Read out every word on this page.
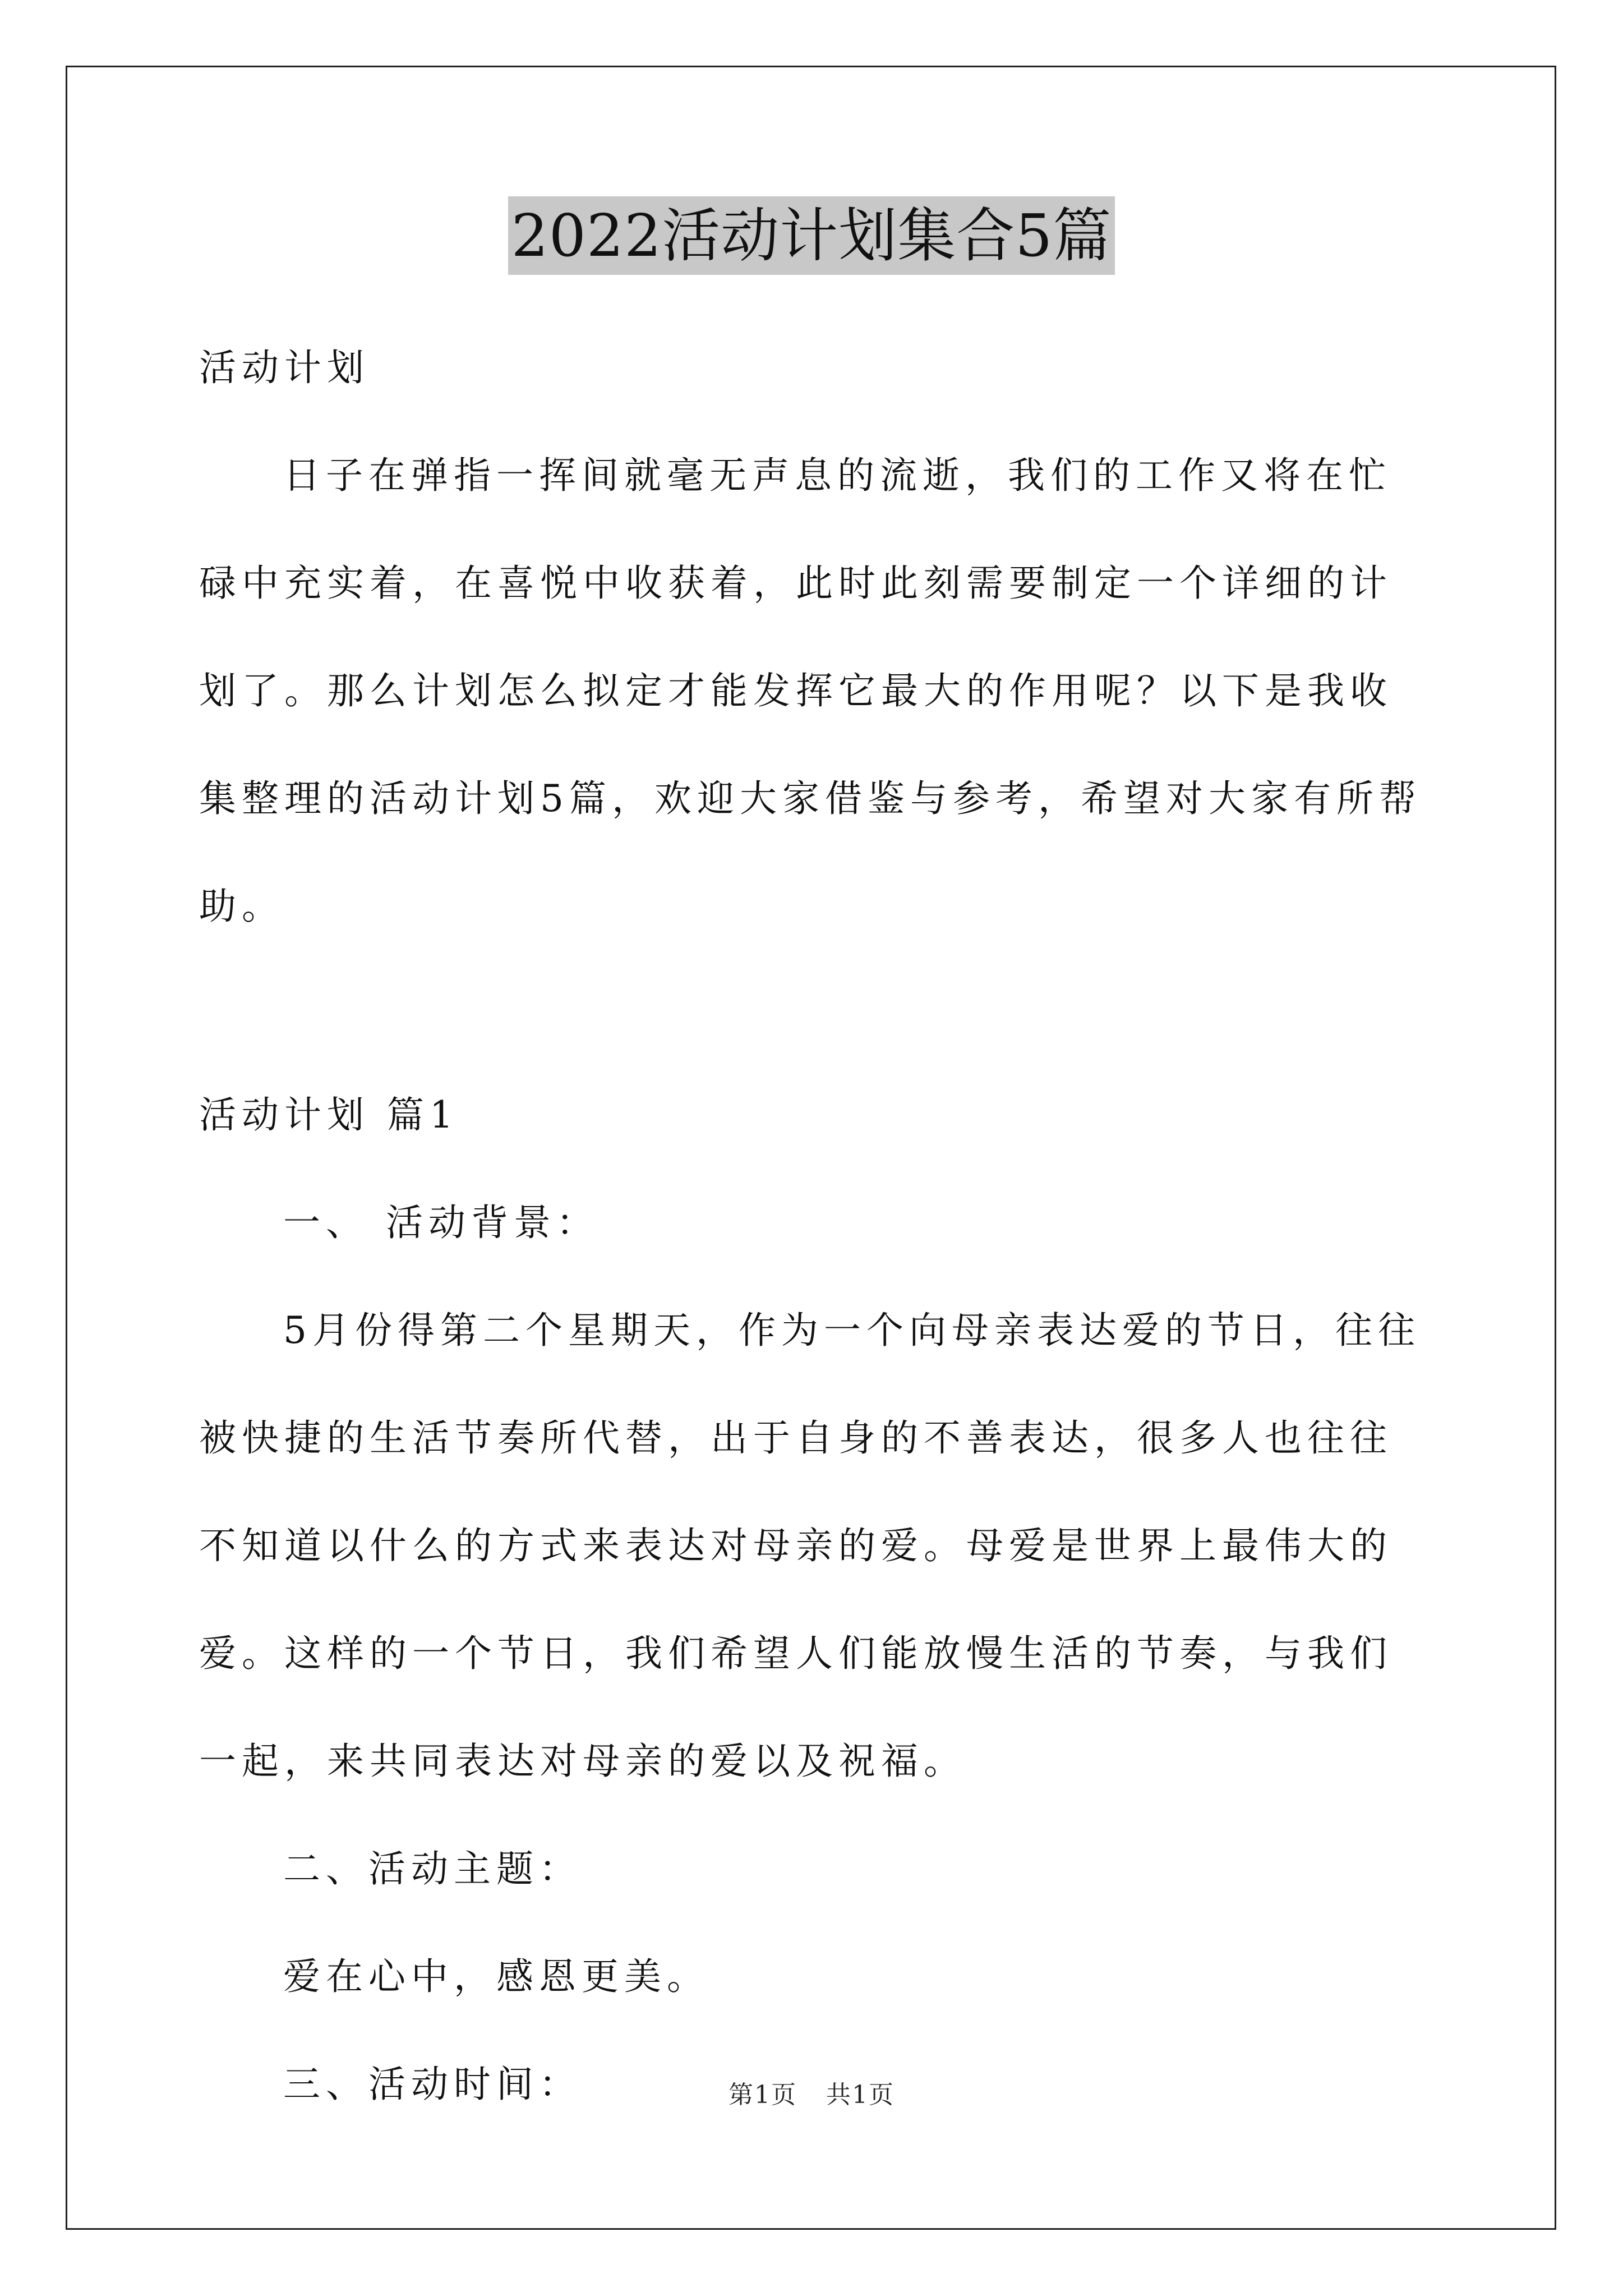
2022活动计划集合5篇

活动计划

日子在弹指一挥间就毫无声息的流逝，我们的工作又将在忙碌中充实着，在喜悦中收获着，此时此刻需要制定一个详细的计划了。那么计划怎么拟定才能发挥它最大的作用呢？以下是我收集整理的活动计划5篇，欢迎大家借鉴与参考，希望对大家有所帮助。

活动计划 篇1

一、 活动背景：

5月份得第二个星期天，作为一个向母亲表达爱的节日，往往被快捷的生活节奏所代替，出于自身的不善表达，很多人也往往不知道以什么的方式来表达对母亲的爱。母爱是世界上最伟大的爱。这样的一个节日，我们希望人们能放慢生活的节奏，与我们一起，来共同表达对母亲的爱以及祝福。

二、活动主题：

爱在心中，感恩更美。

三、活动时间：	第1页 共1页
